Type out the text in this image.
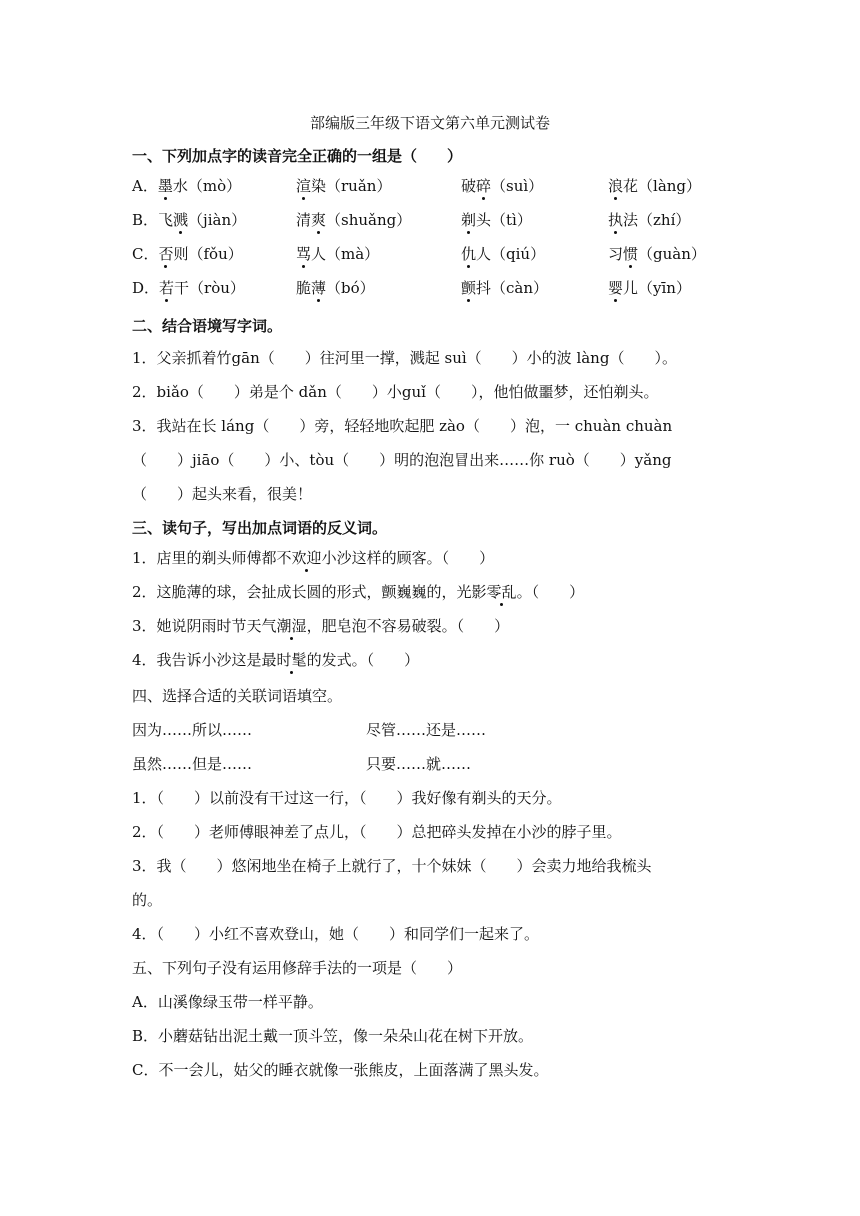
部编版三年级下语文第六单元测试卷
一、下列加点字的读音完全正确的一组是（　　）
A．墨水（mò）	渲染（ruǎn）	破碎（suì）	浪花（làng）
B．飞溅（jiàn）	清爽（shuǎng）	剃头（tì）	执法（zhí）
C．否则（fǒu）	骂人（mà）	仇人（qiú）	习惯（guàn）
D．若干（ròu）	脆薄（bó）	颤抖（càn）	婴儿（yīn）
二、结合语境写字词。
1．父亲抓着竹gān（　　）往河里一撑，溅起 suì（　　）小的波 làng（　　）。
2．biǎo（　　）弟是个 dǎn（　　）小guǐ（　　），他怕做噩梦，还怕剃头。
3．我站在长 láng（　　）旁，轻轻地吹起肥 zào（　　）泡，一 chuàn chuàn
（　　）jiāo（　　）小、tòu（　　）明的泡泡冒出来……你 ruò（　　）yǎng
（　　）起头来看，很美！
三、读句子，写出加点词语的反义词。
1．店里的剃头师傅都不欢迎小沙这样的顾客。（　　）
2．这脆薄的球，会扯成长圆的形式，颤巍巍的，光影零乱。（　　）
3．她说阴雨时节天气潮湿，肥皂泡不容易破裂。（　　）
4．我告诉小沙这是最时髦的发式。（　　）
四、选择合适的关联词语填空。
因为……所以……	尽管……还是……
虽然……但是……	只要……就……
1．（　　）以前没有干过这一行，（　　）我好像有剃头的天分。
2．（　　）老师傅眼神差了点儿，（　　）总把碎头发掉在小沙的脖子里。
3．我（　　）悠闲地坐在椅子上就行了，十个妹妹（　　）会卖力地给我梳头
的。
4．（　　）小红不喜欢登山，她（　　）和同学们一起来了。
五、下列句子没有运用修辞手法的一项是（　　）
A．山溪像绿玉带一样平静。
B．小蘑菇钻出泥土戴一顶斗笠，像一朵朵山花在树下开放。
C．不一会儿，姑父的睡衣就像一张熊皮，上面落满了黑头发。
